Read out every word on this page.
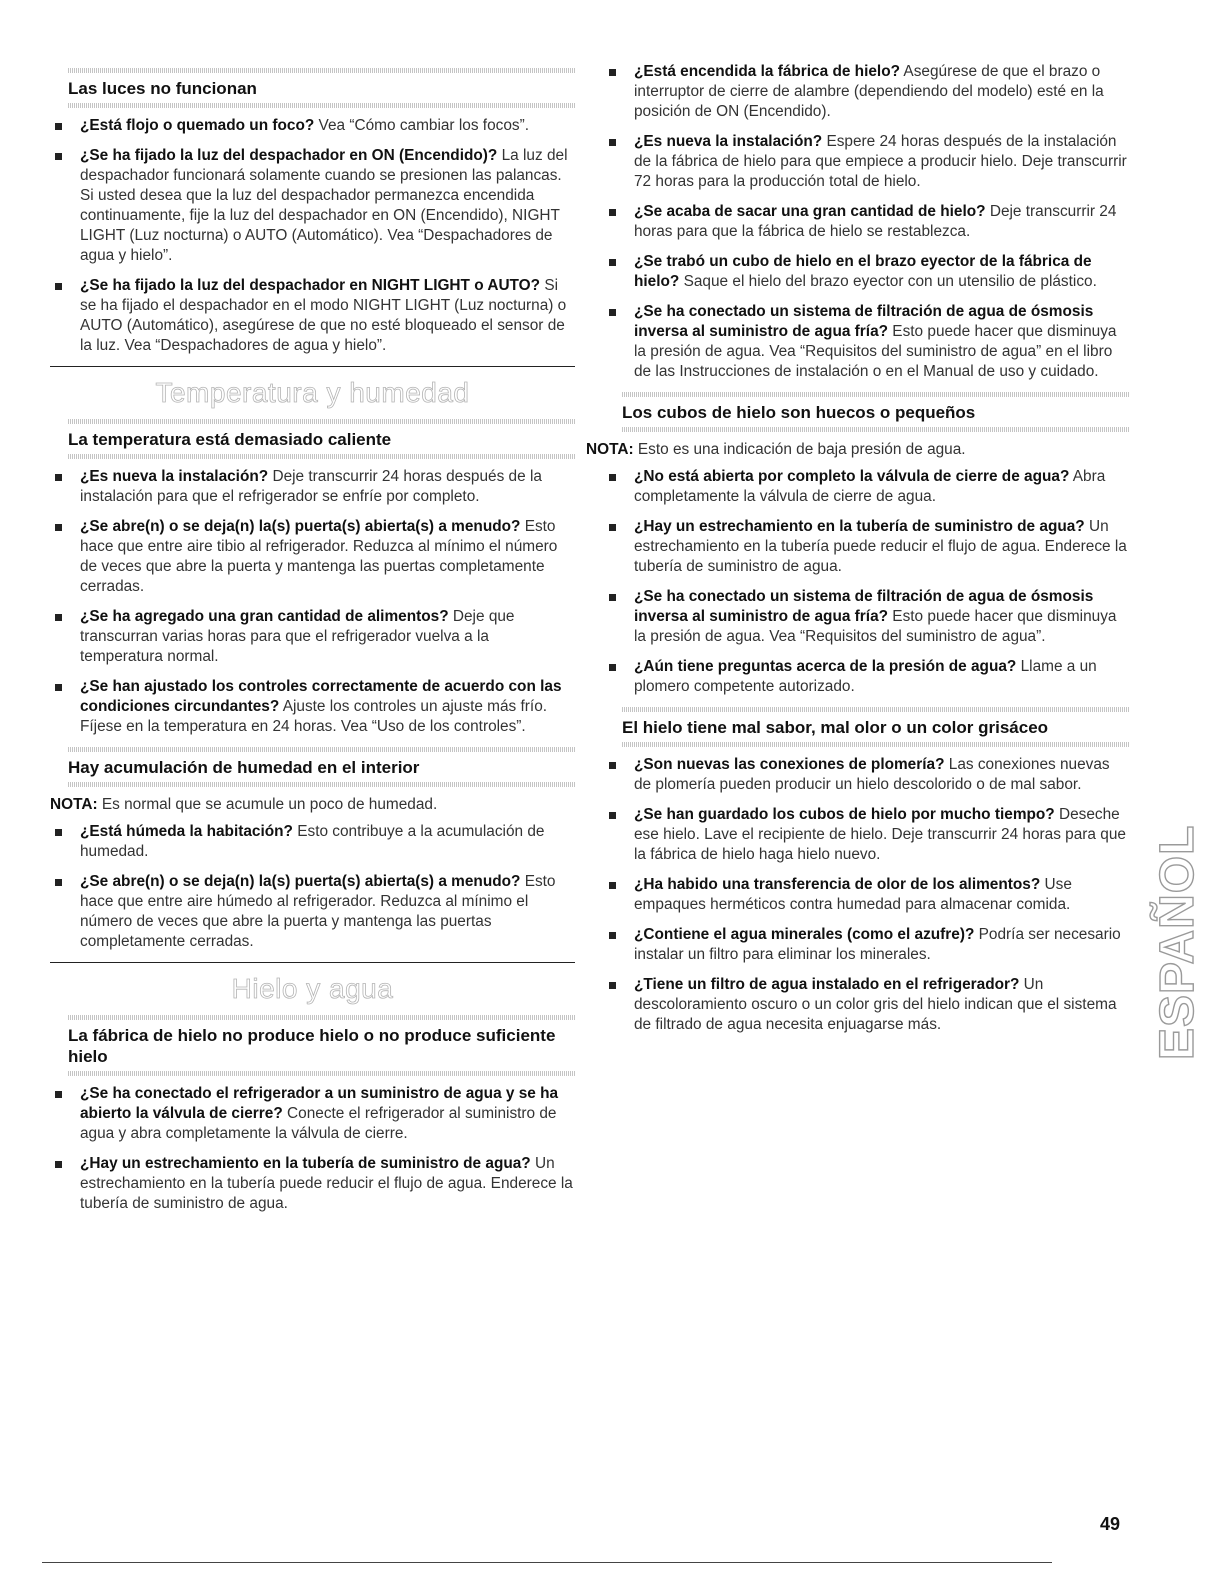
Las luces no funcionan
¿Está flojo o quemado un foco? Vea “Cómo cambiar los focos”.
¿Se ha fijado la luz del despachador en ON (Encendido)? La luz del despachador funcionará solamente cuando se presionen las palancas. Si usted desea que la luz del despachador permanezca encendida continuamente, fije la luz del despachador en ON (Encendido), NIGHT LIGHT (Luz nocturna) o AUTO (Automático). Vea “Despachadores de agua y hielo”.
¿Se ha fijado la luz del despachador en NIGHT LIGHT o AUTO? Si se ha fijado el despachador en el modo NIGHT LIGHT (Luz nocturna) o AUTO (Automático), asegúrese de que no esté bloqueado el sensor de la luz. Vea “Despachadores de agua y hielo”.
Temperatura y humedad
La temperatura está demasiado caliente
¿Es nueva la instalación? Deje transcurrir 24 horas después de la instalación para que el refrigerador se enfríe por completo.
¿Se abre(n) o se deja(n) la(s) puerta(s) abierta(s) a menudo? Esto hace que entre aire tibio al refrigerador. Reduzca al mínimo el número de veces que abre la puerta y mantenga las puertas completamente cerradas.
¿Se ha agregado una gran cantidad de alimentos? Deje que transcurran varias horas para que el refrigerador vuelva a la temperatura normal.
¿Se han ajustado los controles correctamente de acuerdo con las condiciones circundantes? Ajuste los controles un ajuste más frío. Fíjese en la temperatura en 24 horas. Vea “Uso de los controles”.
Hay acumulación de humedad en el interior
NOTA: Es normal que se acumule un poco de humedad.
¿Está húmeda la habitación? Esto contribuye a la acumulación de humedad.
¿Se abre(n) o se deja(n) la(s) puerta(s) abierta(s) a menudo? Esto hace que entre aire húmedo al refrigerador. Reduzca al mínimo el número de veces que abre la puerta y mantenga las puertas completamente cerradas.
Hielo y agua
La fábrica de hielo no produce hielo o no produce suficiente hielo
¿Se ha conectado el refrigerador a un suministro de agua y se ha abierto la válvula de cierre? Conecte el refrigerador al suministro de agua y abra completamente la válvula de cierre.
¿Hay un estrechamiento en la tubería de suministro de agua? Un estrechamiento en la tubería puede reducir el flujo de agua. Enderece la tubería de suministro de agua.
¿Está encendida la fábrica de hielo? Asegúrese de que el brazo o interruptor de cierre de alambre (dependiendo del modelo) esté en la posición de ON (Encendido).
¿Es nueva la instalación? Espere 24 horas después de la instalación de la fábrica de hielo para que empiece a producir hielo. Deje transcurrir 72 horas para la producción total de hielo.
¿Se acaba de sacar una gran cantidad de hielo? Deje transcurrir 24 horas para que la fábrica de hielo se restablezca.
¿Se trabó un cubo de hielo en el brazo eyector de la fábrica de hielo? Saque el hielo del brazo eyector con un utensilio de plástico.
¿Se ha conectado un sistema de filtración de agua de ósmosis inversa al suministro de agua fría? Esto puede hacer que disminuya la presión de agua. Vea “Requisitos del suministro de agua” en el libro de las Instrucciones de instalación o en el Manual de uso y cuidado.
Los cubos de hielo son huecos o pequeños
NOTA: Esto es una indicación de baja presión de agua.
¿No está abierta por completo la válvula de cierre de agua? Abra completamente la válvula de cierre de agua.
¿Hay un estrechamiento en la tubería de suministro de agua? Un estrechamiento en la tubería puede reducir el flujo de agua. Enderece la tubería de suministro de agua.
¿Se ha conectado un sistema de filtración de agua de ósmosis inversa al suministro de agua fría? Esto puede hacer que disminuya la presión de agua. Vea “Requisitos del suministro de agua”.
¿Aún tiene preguntas acerca de la presión de agua? Llame a un plomero competente autorizado.
El hielo tiene mal sabor, mal olor o un color grisáceo
¿Son nuevas las conexiones de plomería? Las conexiones nuevas de plomería pueden producir un hielo descolorido o de mal sabor.
¿Se han guardado los cubos de hielo por mucho tiempo? Deseche ese hielo. Lave el recipiente de hielo. Deje transcurrir 24 horas para que la fábrica de hielo haga hielo nuevo.
¿Ha habido una transferencia de olor de los alimentos? Use empaques herméticos contra humedad para almacenar comida.
¿Contiene el agua minerales (como el azufre)? Podría ser necesario instalar un filtro para eliminar los minerales.
¿Tiene un filtro de agua instalado en el refrigerador? Un descoloramiento oscuro o un color gris del hielo indican que el sistema de filtrado de agua necesita enjuagarse más.	ESPAÑOL
49
